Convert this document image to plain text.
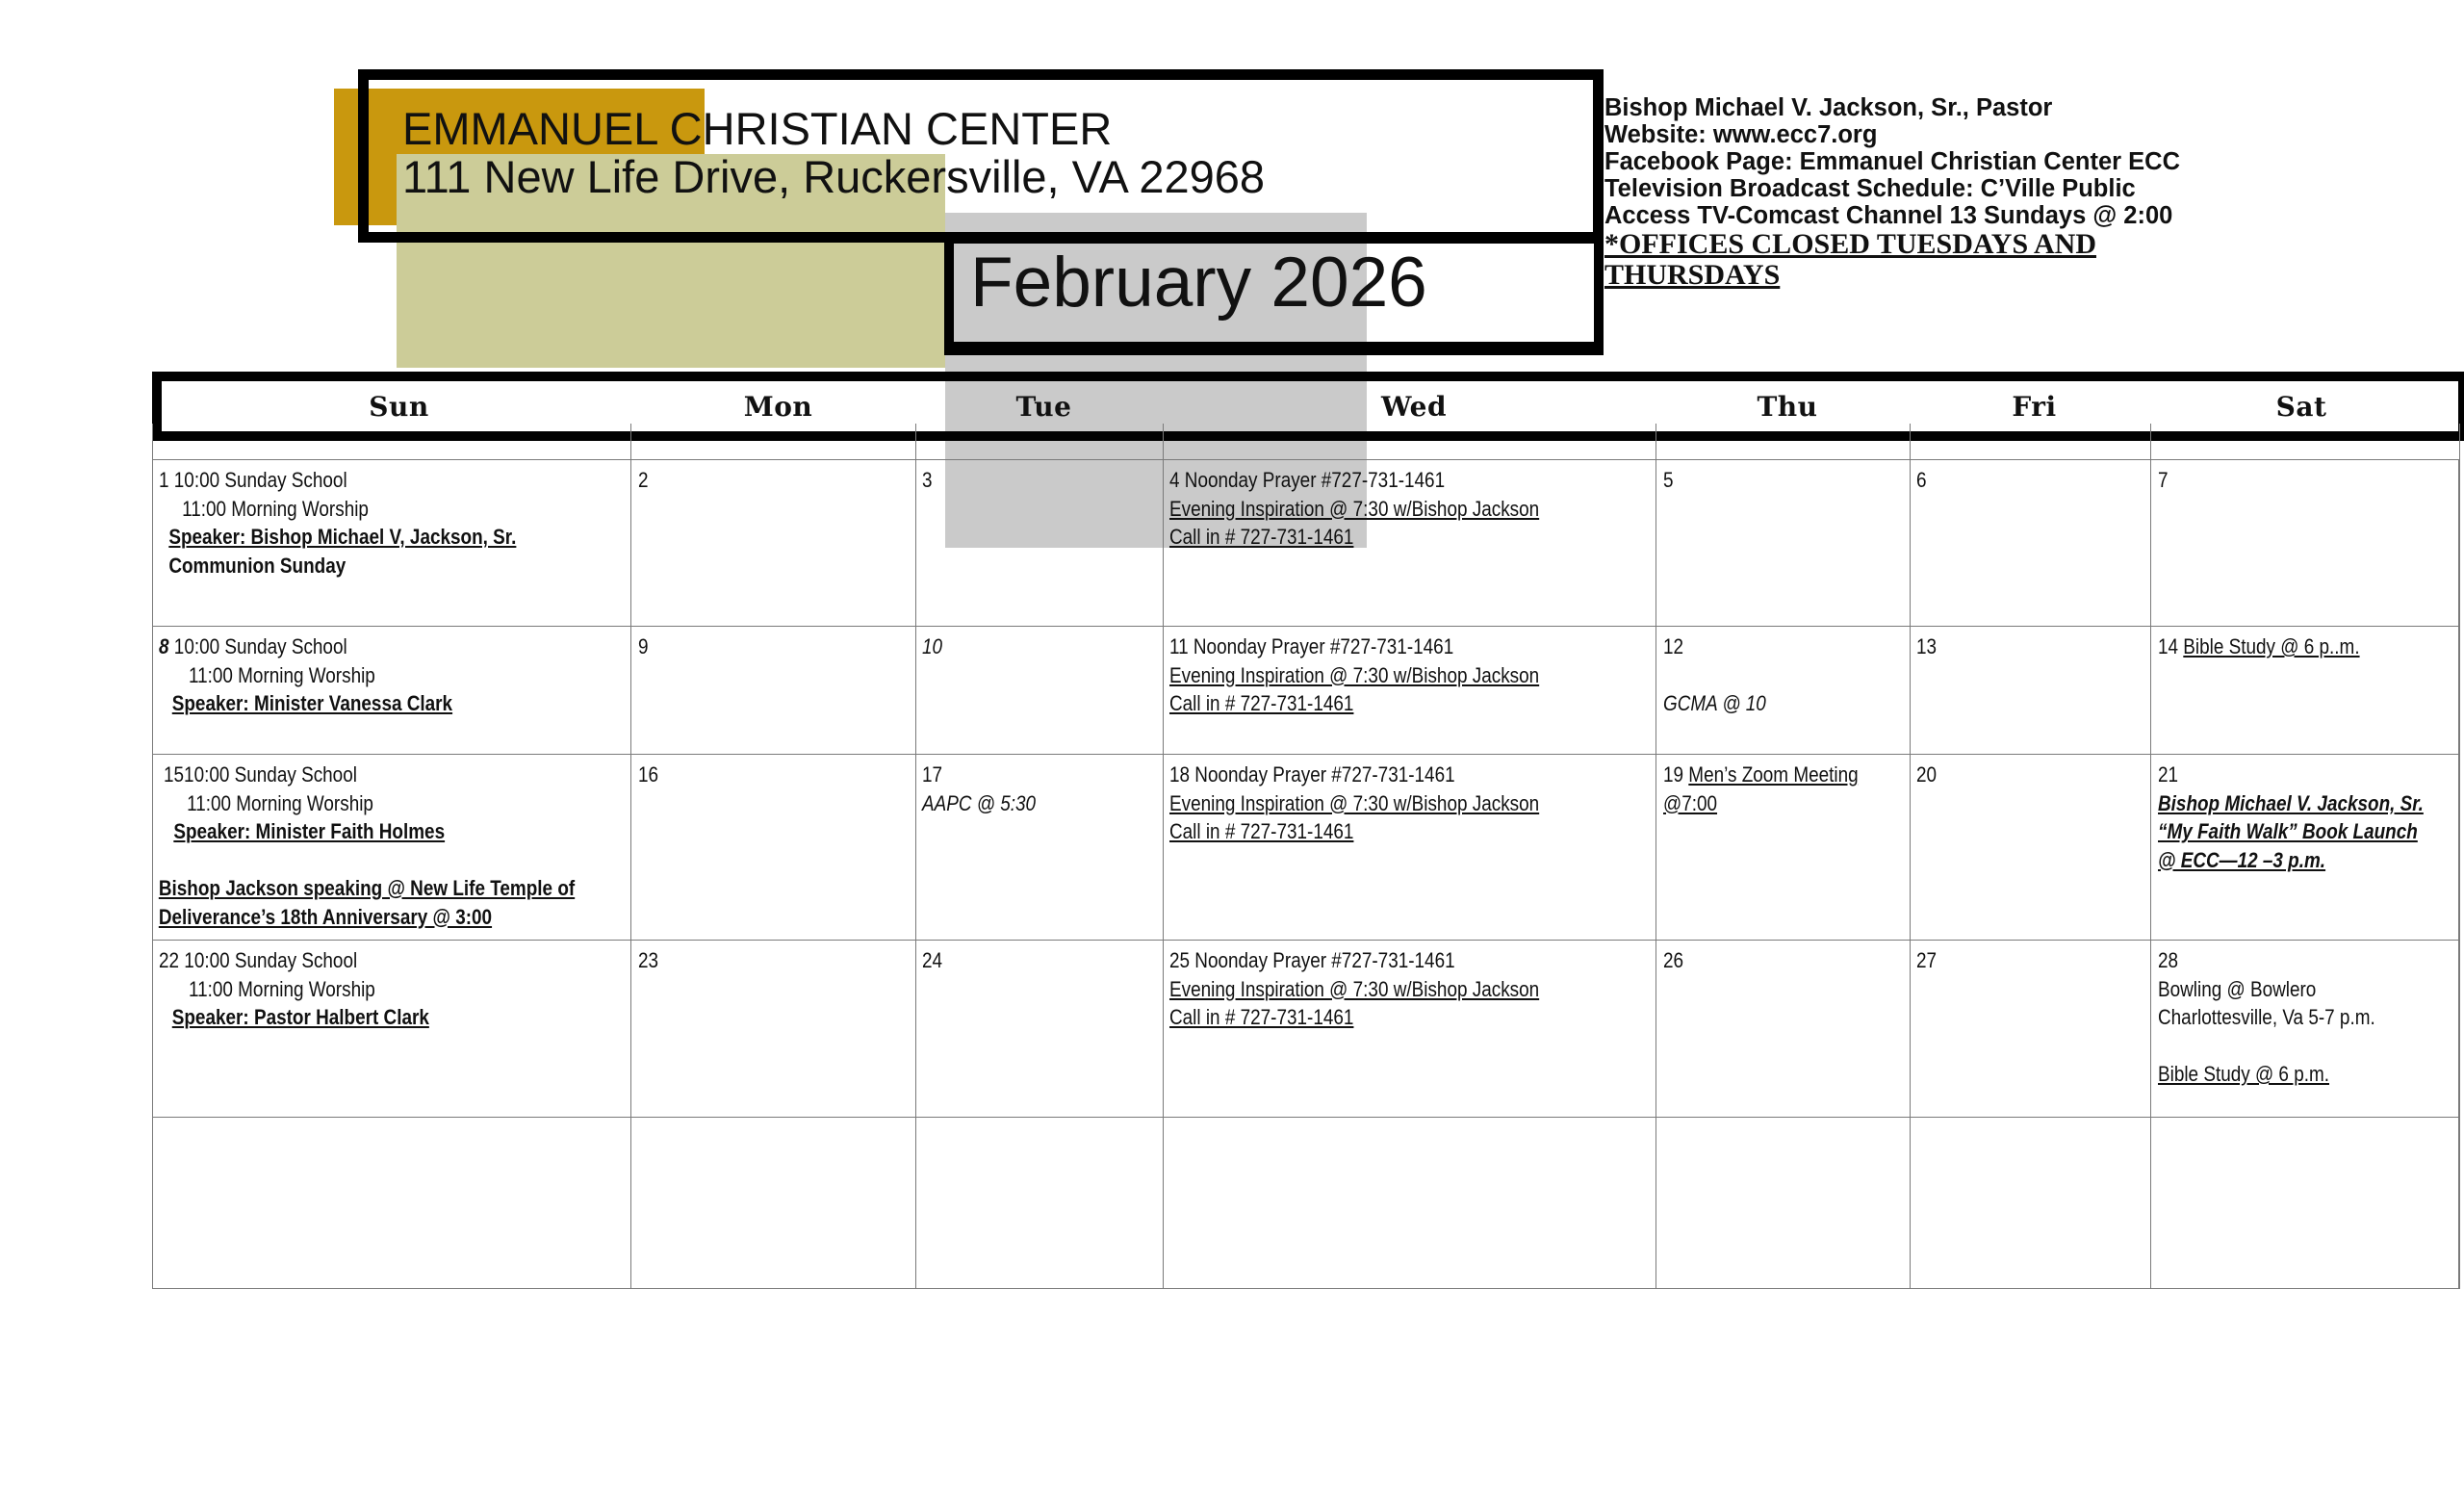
EMMANUEL CHRISTIAN CENTER
111 New Life Drive, Ruckersville, VA 22968
February 2026
Bishop Michael V. Jackson, Sr., Pastor
Website: www.ecc7.org
Facebook Page: Emmanuel Christian Center ECC
Television Broadcast Schedule: C’Ville Public
Access TV-Comcast Channel 13 Sundays @ 2:00
*OFFICES CLOSED TUESDAYS AND
THURSDAYS
Sun	Mon	Tue	Wed	Thu	Fri	Sat
1 10:00 Sunday School
11:00 Morning Worship
Speaker: Bishop Michael V, Jackson, Sr.
Communion Sunday
2	3	4 Noonday Prayer #727-731-1461
Evening Inspiration @ 7:30 w/Bishop Jackson
Call in # 727-731-1461
5	6	7
8 10:00 Sunday School
11:00 Morning Worship
Speaker: Minister Vanessa Clark
9	10	11 Noonday Prayer #727-731-1461
Evening Inspiration @ 7:30 w/Bishop Jackson
Call in # 727-731-1461
12

GCMA @ 10
13	14 Bible Study @ 6 p..m.
1510:00 Sunday School
11:00 Morning Worship
Speaker: Minister Faith Holmes

Bishop Jackson speaking @ New Life Temple of
Deliverance’s 18th Anniversary @ 3:00
16	17
AAPC @ 5:30
18 Noonday Prayer #727-731-1461
Evening Inspiration @ 7:30 w/Bishop Jackson
Call in # 727-731-1461
19 Men’s Zoom Meeting
@7:00
20	21
Bishop Michael V. Jackson, Sr.
“My Faith Walk” Book Launch
@ ECC—12 –3 p.m.
22 10:00 Sunday School
11:00 Morning Worship
Speaker: Pastor Halbert Clark
23	24	25 Noonday Prayer #727-731-1461
Evening Inspiration @ 7:30 w/Bishop Jackson
Call in # 727-731-1461
26	27	28
Bowling @ Bowlero
Charlottesville, Va 5-7 p.m.

Bible Study @ 6 p.m.
